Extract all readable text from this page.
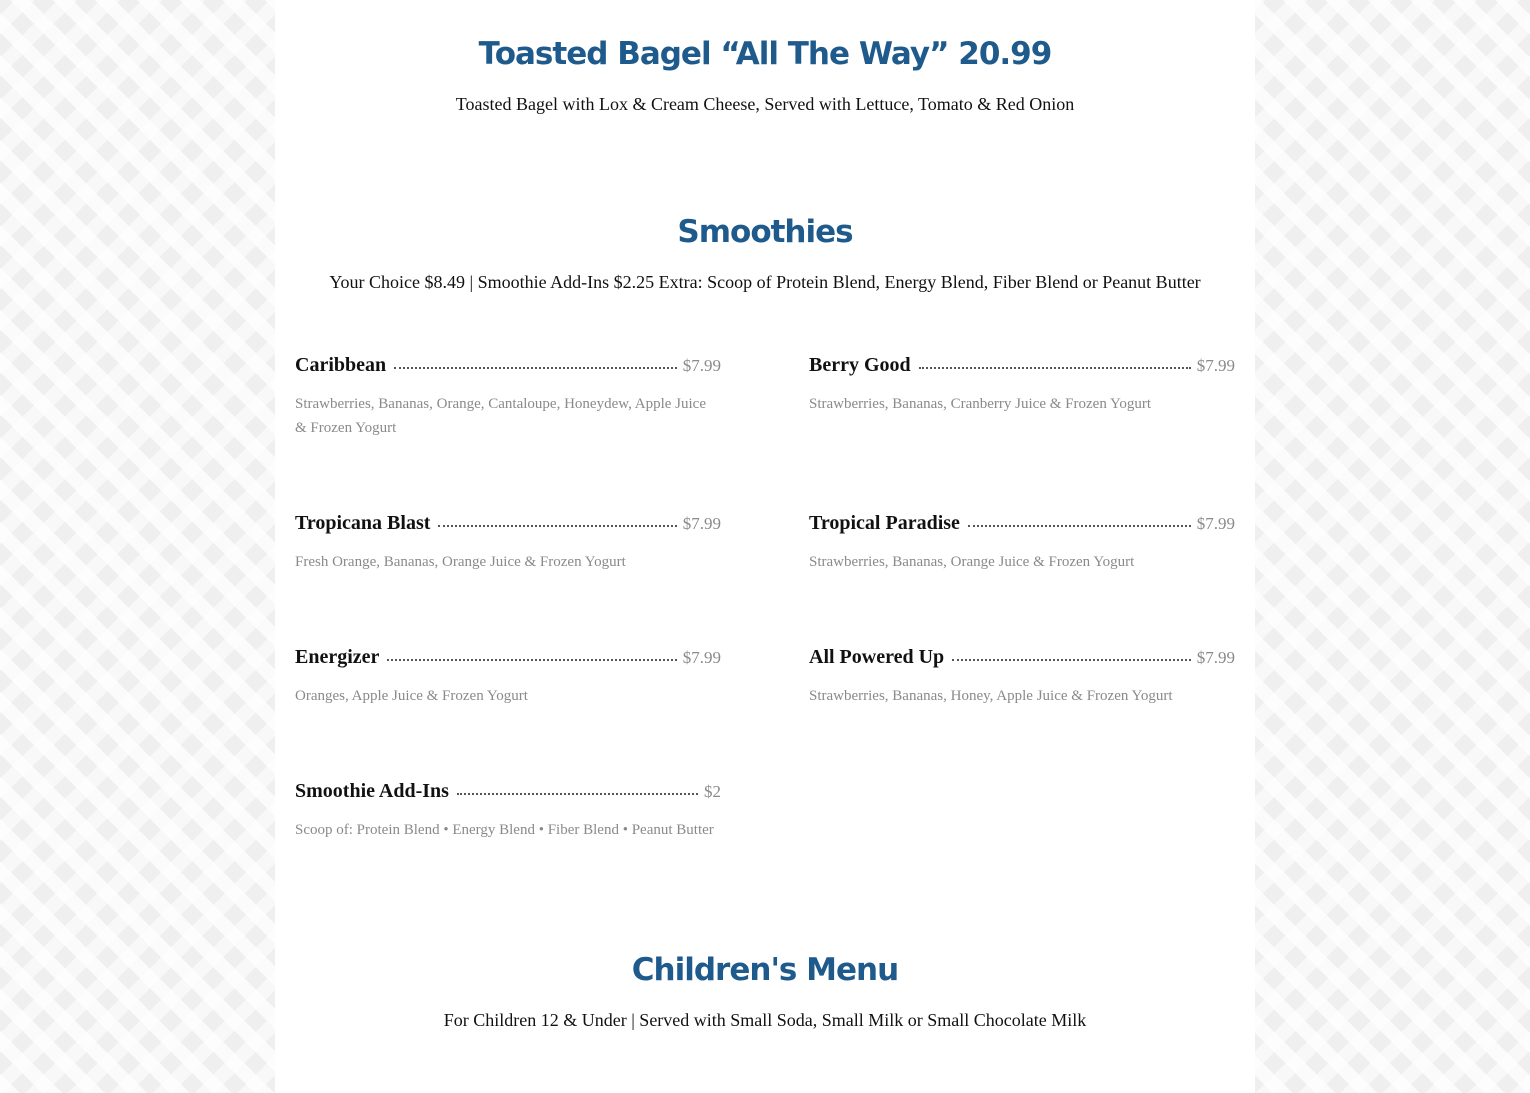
Toasted Bagel “All The Way” 20.99

Toasted Bagel with Lox & Cream Cheese, Served with Lettuce, Tomato & Red Onion

Smoothies

Your Choice $8.49 | Smoothie Add-Ins $2.25 Extra: Scoop of Protein Blend, Energy Blend, Fiber Blend or Peanut Butter

Caribbean	$7.99
Strawberries, Bananas, Orange, Cantaloupe, Honeydew, Apple Juice & Frozen Yogurt
Berry Good	$7.99
Strawberries, Bananas, Cranberry Juice & Frozen Yogurt
Tropicana Blast	$7.99
Fresh Orange, Bananas, Orange Juice & Frozen Yogurt
Tropical Paradise	$7.99
Strawberries, Bananas, Orange Juice & Frozen Yogurt
Energizer	$7.99
Oranges, Apple Juice & Frozen Yogurt
All Powered Up	$7.99
Strawberries, Bananas, Honey, Apple Juice & Frozen Yogurt
Smoothie Add-Ins	$2
Scoop of: Protein Blend • Energy Blend • Fiber Blend • Peanut Butter
Children's Menu

For Children 12 & Under | Served with Small Soda, Small Milk or Small Chocolate Milk
